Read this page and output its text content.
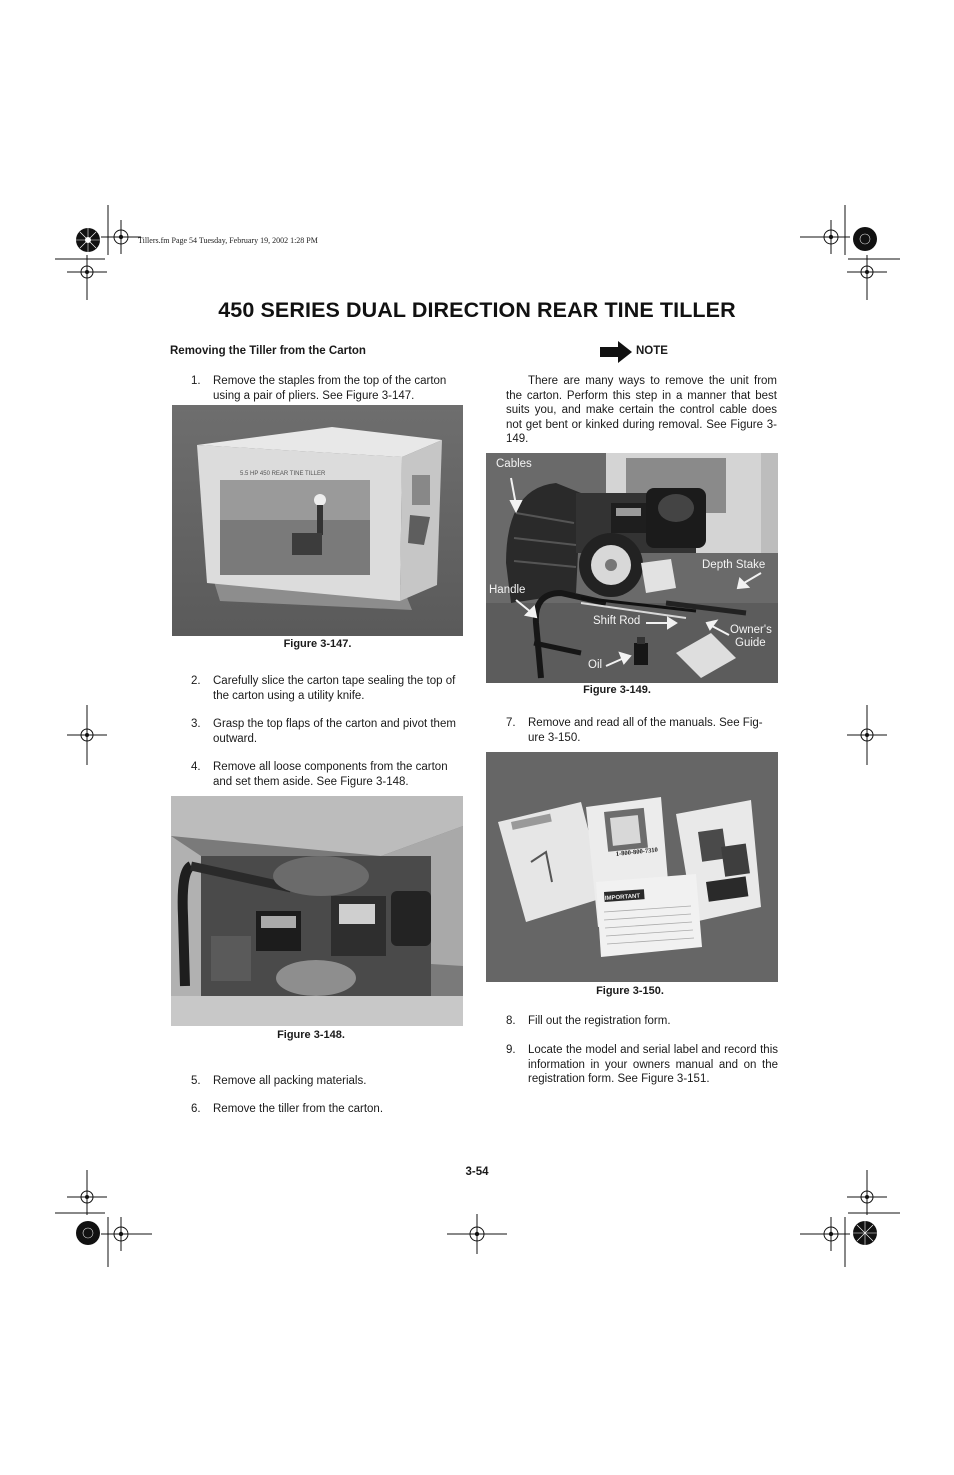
Tillers.fm Page 54 Tuesday, February 19, 2002 1:28 PM
450 SERIES DUAL DIRECTION REAR TINE TILLER
Removing the Tiller from the Carton	NOTE
1. Remove the staples from the top of the carton using a pair of pliers. See Figure 3-147.
5.5 HP 450 REAR TINE TILLER
Figure 3-147.
2. Carefully slice the carton tape sealing the top of the carton using a utility knife.
3. Grasp the top flaps of the carton and pivot them outward.
4. Remove all loose components from the carton and set them aside. See Figure 3-148.
Figure 3-148.
5. Remove all packing materials.
6. Remove the tiller from the carton.
There are many ways to remove the unit from the carton. Perform this step in a manner that best suits you, and make certain the control cable does not get bent or kinked during removal. See Figure 3-149.
Cables
Handle
Depth Stake
Shift Rod
Owner's
Guide
Oil
Figure 3-149.
7. Remove and read all of the manuals. See Fig-ure 3-150.
1-800-800-7310
IMPORTANT
Figure 3-150.
8. Fill out the registration form.
9. Locate the model and serial label and record this information in your owners manual and on the registration form. See Figure 3-151.
3-54
